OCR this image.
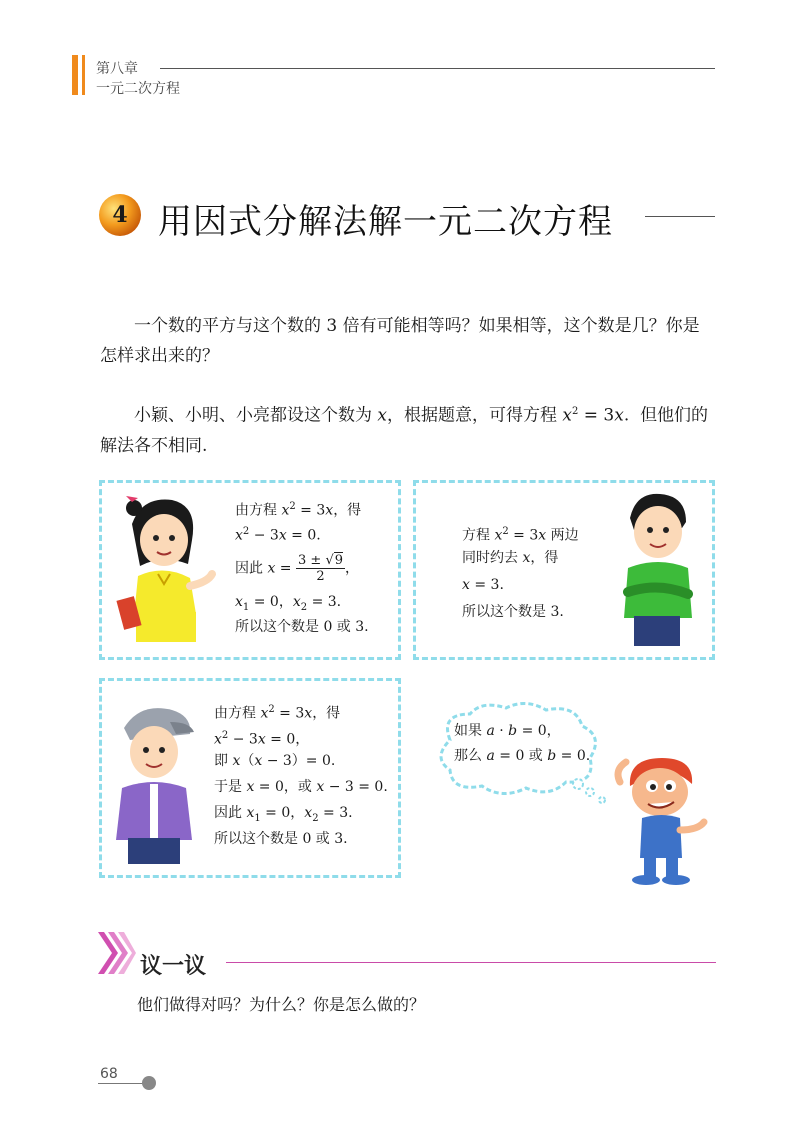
第八章
一元二次方程
4 用因式分解法解一元二次方程
一个数的平方与这个数的 3 倍有可能相等吗？如果相等，这个数是几？你是怎样求出来的？
小颖、小明、小亮都设这个数为 x，根据题意，可得方程 $x^2 = 3x$.  但他们的解法各不相同.
由方程 $x^2 = 3x$，得
$x^2 - 3x = 0$.
因此 $x = \frac{3 \pm √9}{2}$ ，
$x_1 = 0$，$x_2 = 3$.
所以这个数是 0 或 3.
方程 $x^2 = 3x$ 两边
同时约去 x，得
x = 3.
所以这个数是 3.
由方程 $x^2 = 3x$，得
$x^2 - 3x = 0$，
即 x（x − 3）= 0.
于是 x = 0，或 x − 3 = 0.
因此 $x_1 = 0$，$x_2 = 3$.
所以这个数是 0 或 3.
如果 a · b = 0，
那么 a = 0 或 b = 0.
议一议
他们做得对吗？为什么？你是怎么做的？
68
